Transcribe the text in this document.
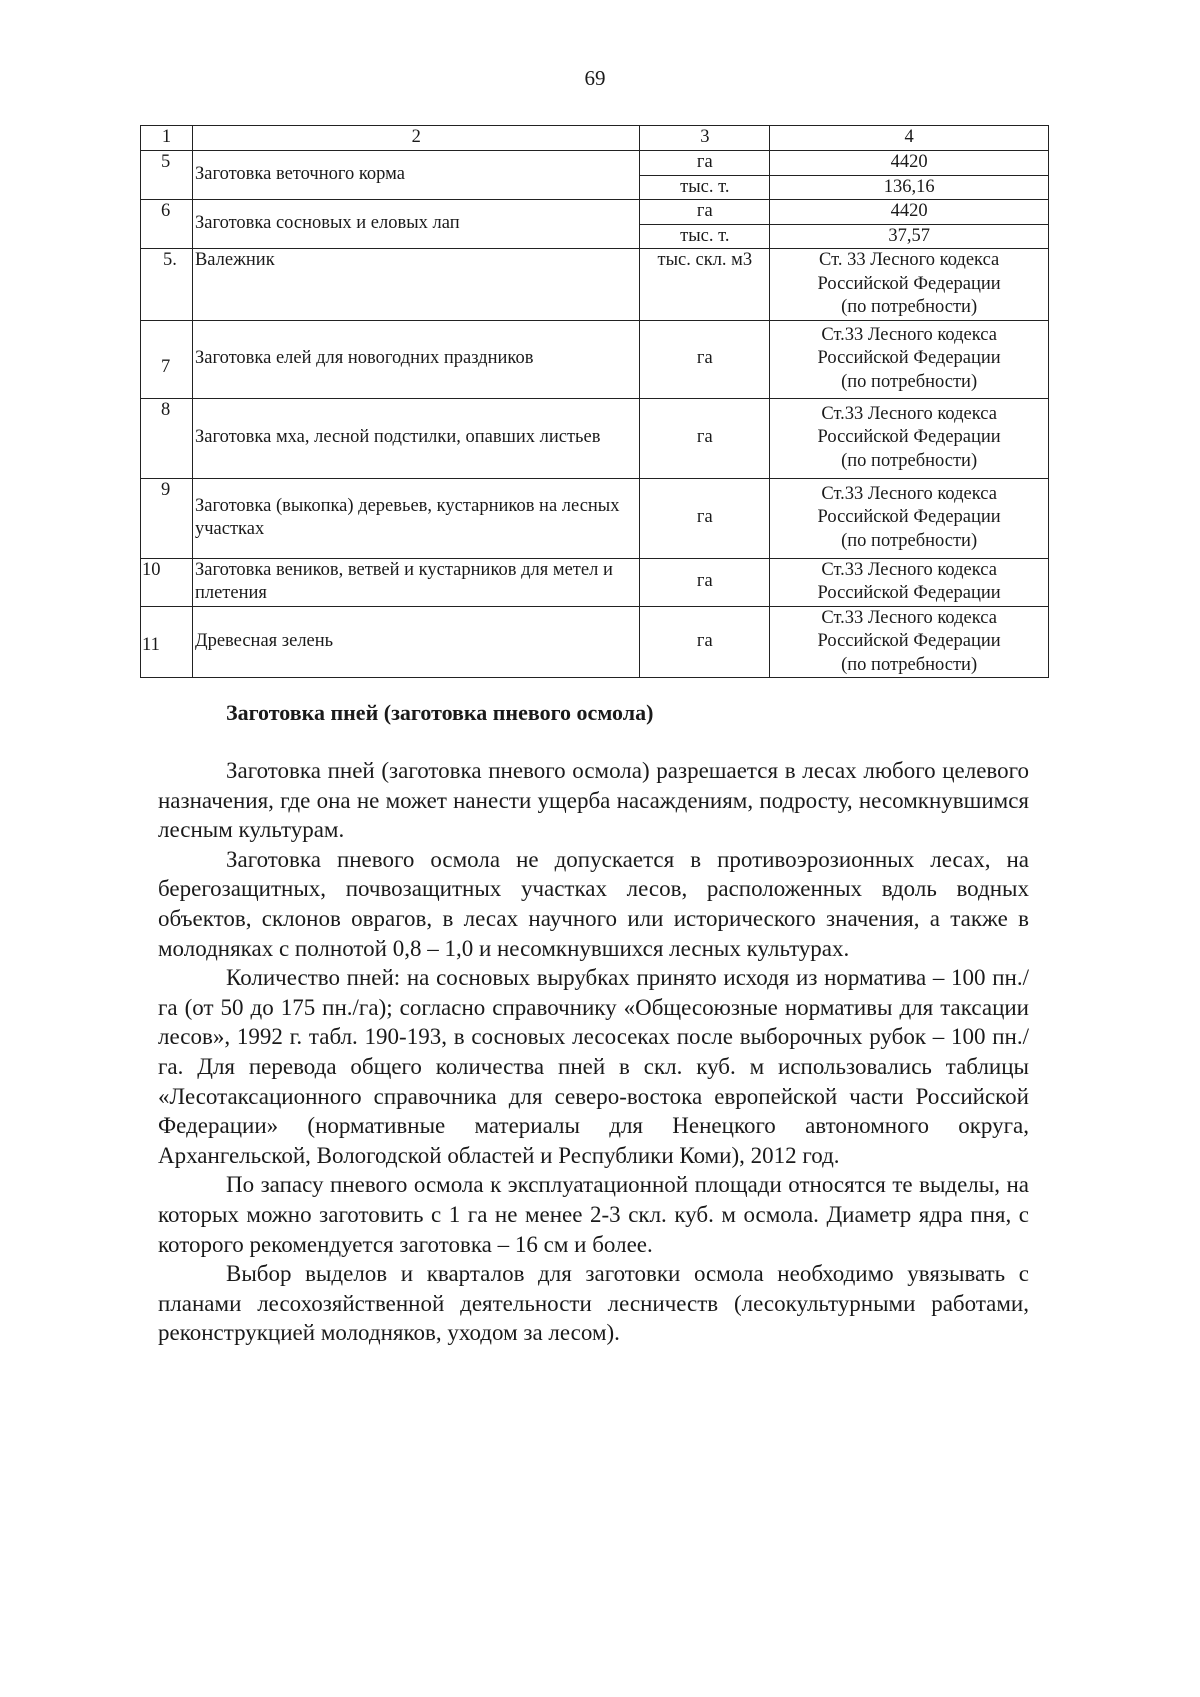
69
1	2	3	4
5	Заготовка веточного корма	га	4420
		тыс. т.	136,16
6	Заготовка сосновых и еловых лап	га	4420
		тыс. т.	37,57
5.	Валежник	тыс. скл. м3	Ст. 33 Лесного кодекса
Российской Федерации
(по потребности)

7	Заготовка елей для новогодних праздников	га	Ст.33 Лесного кодекса
Российской Федерации
(по потребности)

8	Заготовка мха, лесной подстилки, опавших листьев	га	Ст.33 Лесного кодекса
Российской Федерации
(по потребности)

9	Заготовка (выкопка) деревьев, кустарников на лесных участках	га	Ст.33 Лесного кодекса
Российской Федерации
(по потребности)

10	Заготовка веников, ветвей и кустарников для метел и плетения	га	Ст.33 Лесного кодекса
Российской Федерации

11	Древесная зелень	га	Ст.33 Лесного кодекса
Российской Федерации
(по потребности)
Заготовка пней (заготовка пневого осмола)

Заготовка пней (заготовка пневого осмола) разрешается в лесах любого целевого назначения, где она не может нанести ущерба насаждениям, подросту, несомкнувшимся лесным культурам.

Заготовка пневого осмола не допускается в противоэрозионных лесах, на берегозащитных, почвозащитных участках лесов, расположенных вдоль водных объектов, склонов оврагов, в лесах научного или исторического значения, а также в молодняках с полнотой 0,8 – 1,0 и несомкнувшихся лесных культурах.

Количество пней: на сосновых вырубках принято исходя из норматива – 100 пн./га (от 50 до 175 пн./га); согласно справочнику «Общесоюзные нормативы для таксации лесов», 1992 г. табл. 190-193, в сосновых лесосеках после выборочных рубок – 100 пн./га. Для перевода общего количества пней в скл. куб. м использовались таблицы «Лесотаксационного справочника для северо-востока европейской части Российской Федерации» (нормативные материалы для Ненецкого автономного округа, Архангельской, Вологодской областей и Республики Коми), 2012 год.

По запасу пневого осмола к эксплуатационной площади относятся те выделы, на которых можно заготовить с 1 га не менее 2-3 скл. куб. м осмола. Диаметр ядра пня, с которого рекомендуется заготовка – 16 см и более.

Выбор выделов и кварталов для заготовки осмола необходимо увязывать с планами лесохозяйственной деятельности лесничеств (лесокультурными работами, реконструкцией молодняков, уходом за лесом).
